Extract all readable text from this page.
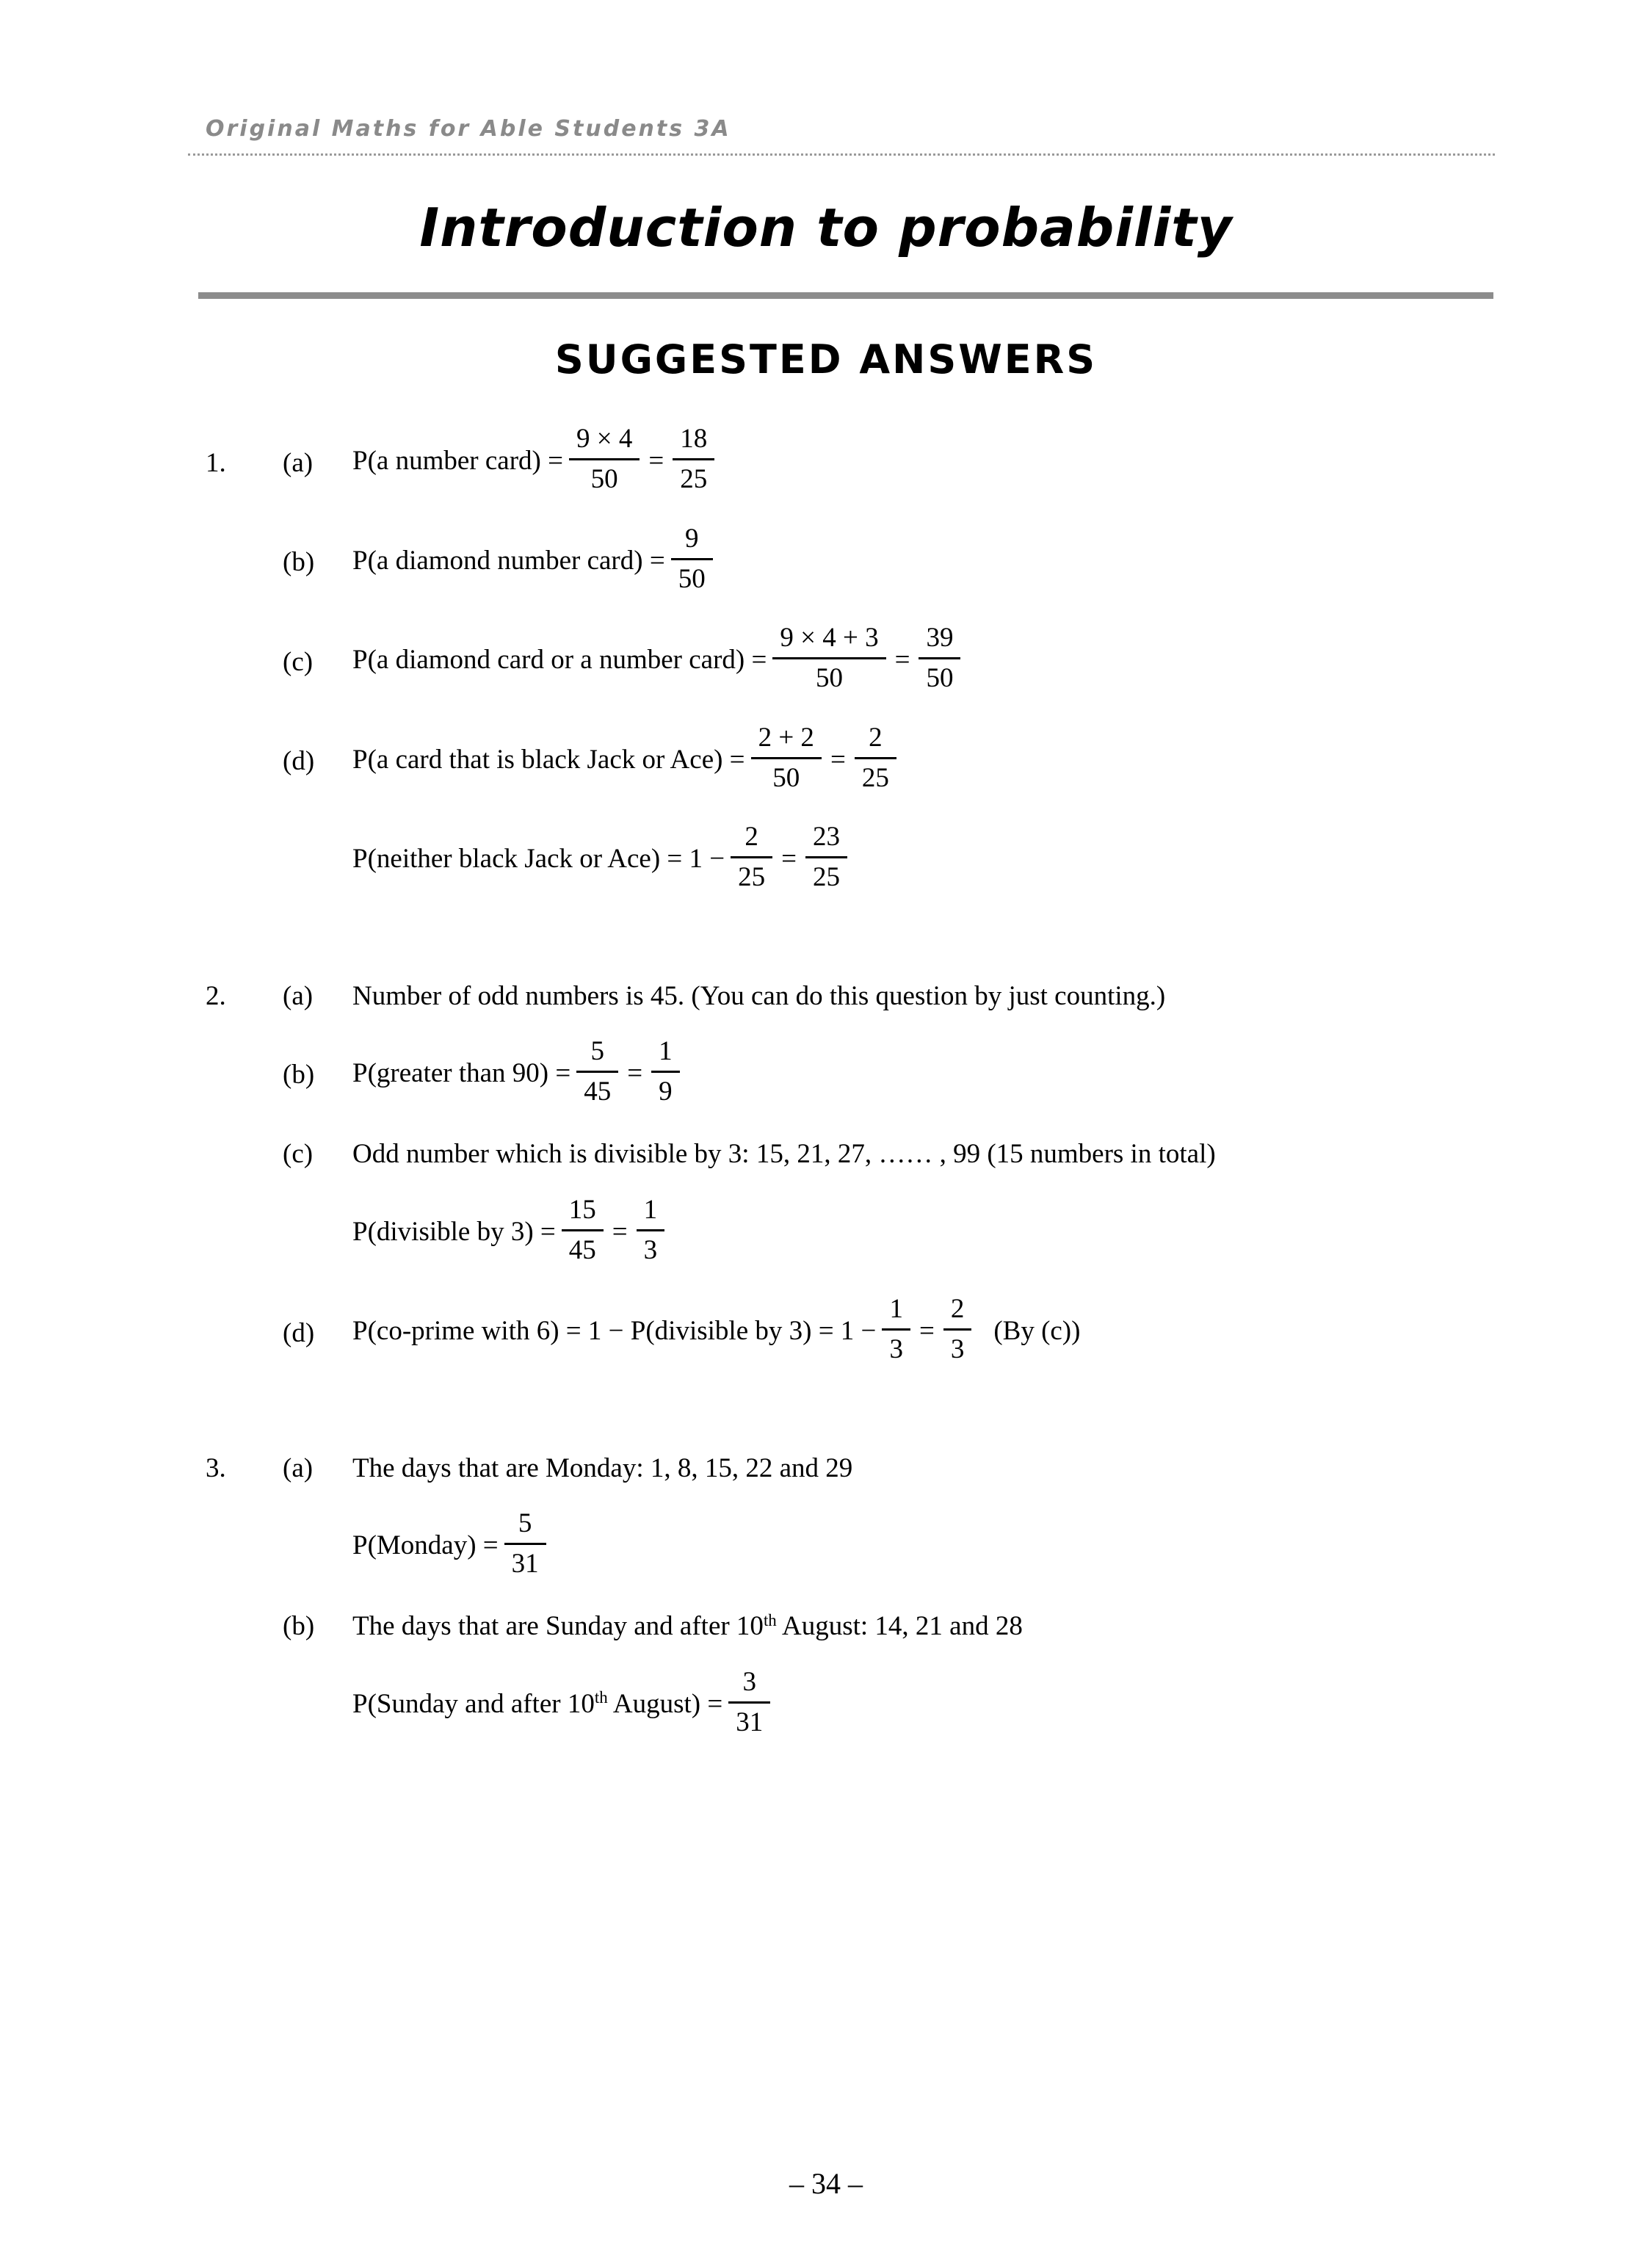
Original Maths for Able Students 3A
Introduction to probability
SUGGESTED ANSWERS
1.	(a)	P(a number card) = $\frac{9 \times 4}{50} = \frac{18}{25}$
(b)	P(a diamond number card) = $\frac{9}{50}$
(c)	P(a diamond card or a number card) = $\frac{9 \times 4 + 3}{50} = \frac{39}{50}$
(d)	P(a card that is black Jack or $Ace) = \frac{2 + 2}{50} = \frac{2}{25}$
P(neither black Jack or $Ace) = 1 - \frac{2}{25} = \frac{23}{25}$
2.	(a)	Number of odd numbers is 45. (You can do this question by just counting.)
(b)	P(greater than $90) = \frac{5}{45} = \frac{1}{9}$
(c)	Odd number which is divisible by 3: 15, 21, 27, …… , 99 (15 numbers in total)
P(divisible by $3) = \frac{15}{45} = \frac{1}{3}$
(d)	P(co-prime with 6) = 1 − P(divisible by $3) = 1 - \frac{1}{3} = \frac{2}{3} (By$ (c))
3.	(a)	The days that are Monday: 1, 8, 15, 22 and 29
P(Monday) = $\frac{5}{31}$
(b)	The days that are Sunday and after 10th August: 14, 21 and 28
P(Sunday and after 10th August) = $\frac{3}{31}$
– 34 –
